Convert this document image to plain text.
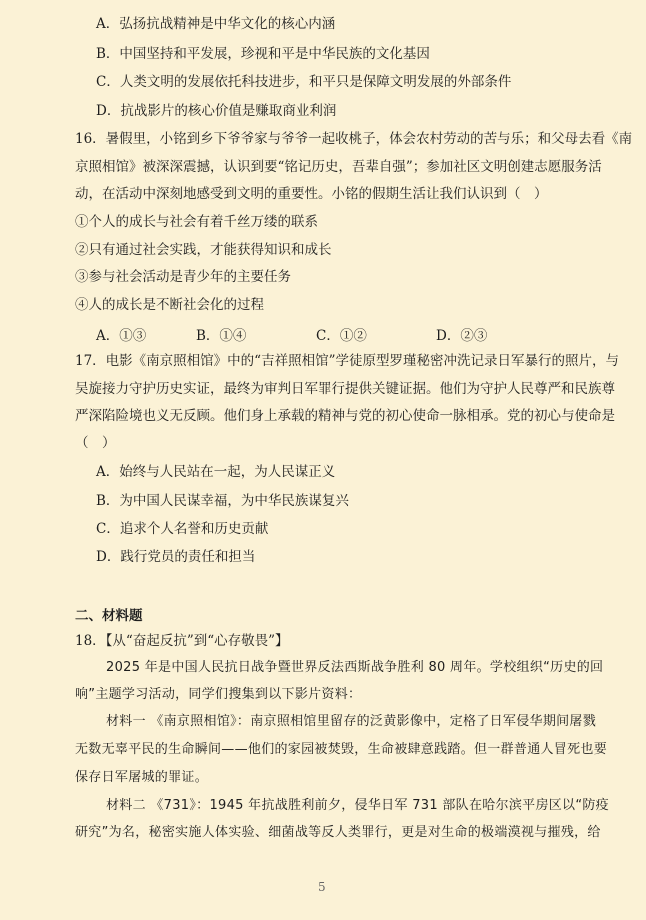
A．弘扬抗战精神是中华文化的核心内涵
B．中国坚持和平发展，珍视和平是中华民族的文化基因
C．人类文明的发展依托科技进步，和平只是保障文明发展的外部条件
D．抗战影片的核心价值是赚取商业利润
16．暑假里，小铭到乡下爷爷家与爷爷一起收桃子，体会农村劳动的苦与乐；和父母去看《南
京照相馆》被深深震撼，认识到要“铭记历史，吾辈自强”；参加社区文明创建志愿服务活
动，在活动中深刻地感受到文明的重要性。小铭的假期生活让我们认识到（　）
①个人的成长与社会有着千丝万缕的联系
②只有通过社会实践，才能获得知识和成长
③参与社会活动是青少年的主要任务
④人的成长是不断社会化的过程
A．①③	B．①④	C．①②	D．②③
17．电影《南京照相馆》中的“吉祥照相馆”学徒原型罗瑾秘密冲洗记录日军暴行的照片，与
吴旋接力守护历史实证，最终为审判日军罪行提供关键证据。他们为守护人民尊严和民族尊
严深陷险境也义无反顾。他们身上承载的精神与党的初心使命一脉相承。党的初心与使命是
（　）
A．始终与人民站在一起，为人民谋正义
B．为中国人民谋幸福，为中华民族谋复兴
C．追求个人名誉和历史贡献
D．践行党员的责任和担当
二、材料题
18．【从“奋起反抗”到“心存敬畏”】
2025 年是中国人民抗日战争暨世界反法西斯战争胜利 80 周年。学校组织“历史的回
响”主题学习活动，同学们搜集到以下影片资料：
材料一 《南京照相馆》：南京照相馆里留存的泛黄影像中，定格了日军侵华期间屠戮
无数无辜平民的生命瞬间——他们的家园被焚毁，生命被肆意践踏。但一群普通人冒死也要
保存日军屠城的罪证。
材料二 《731》：1945 年抗战胜利前夕，侵华日军 731 部队在哈尔滨平房区以“防疫
研究”为名，秘密实施人体实验、细菌战等反人类罪行，更是对生命的极端漠视与摧残，给
5
